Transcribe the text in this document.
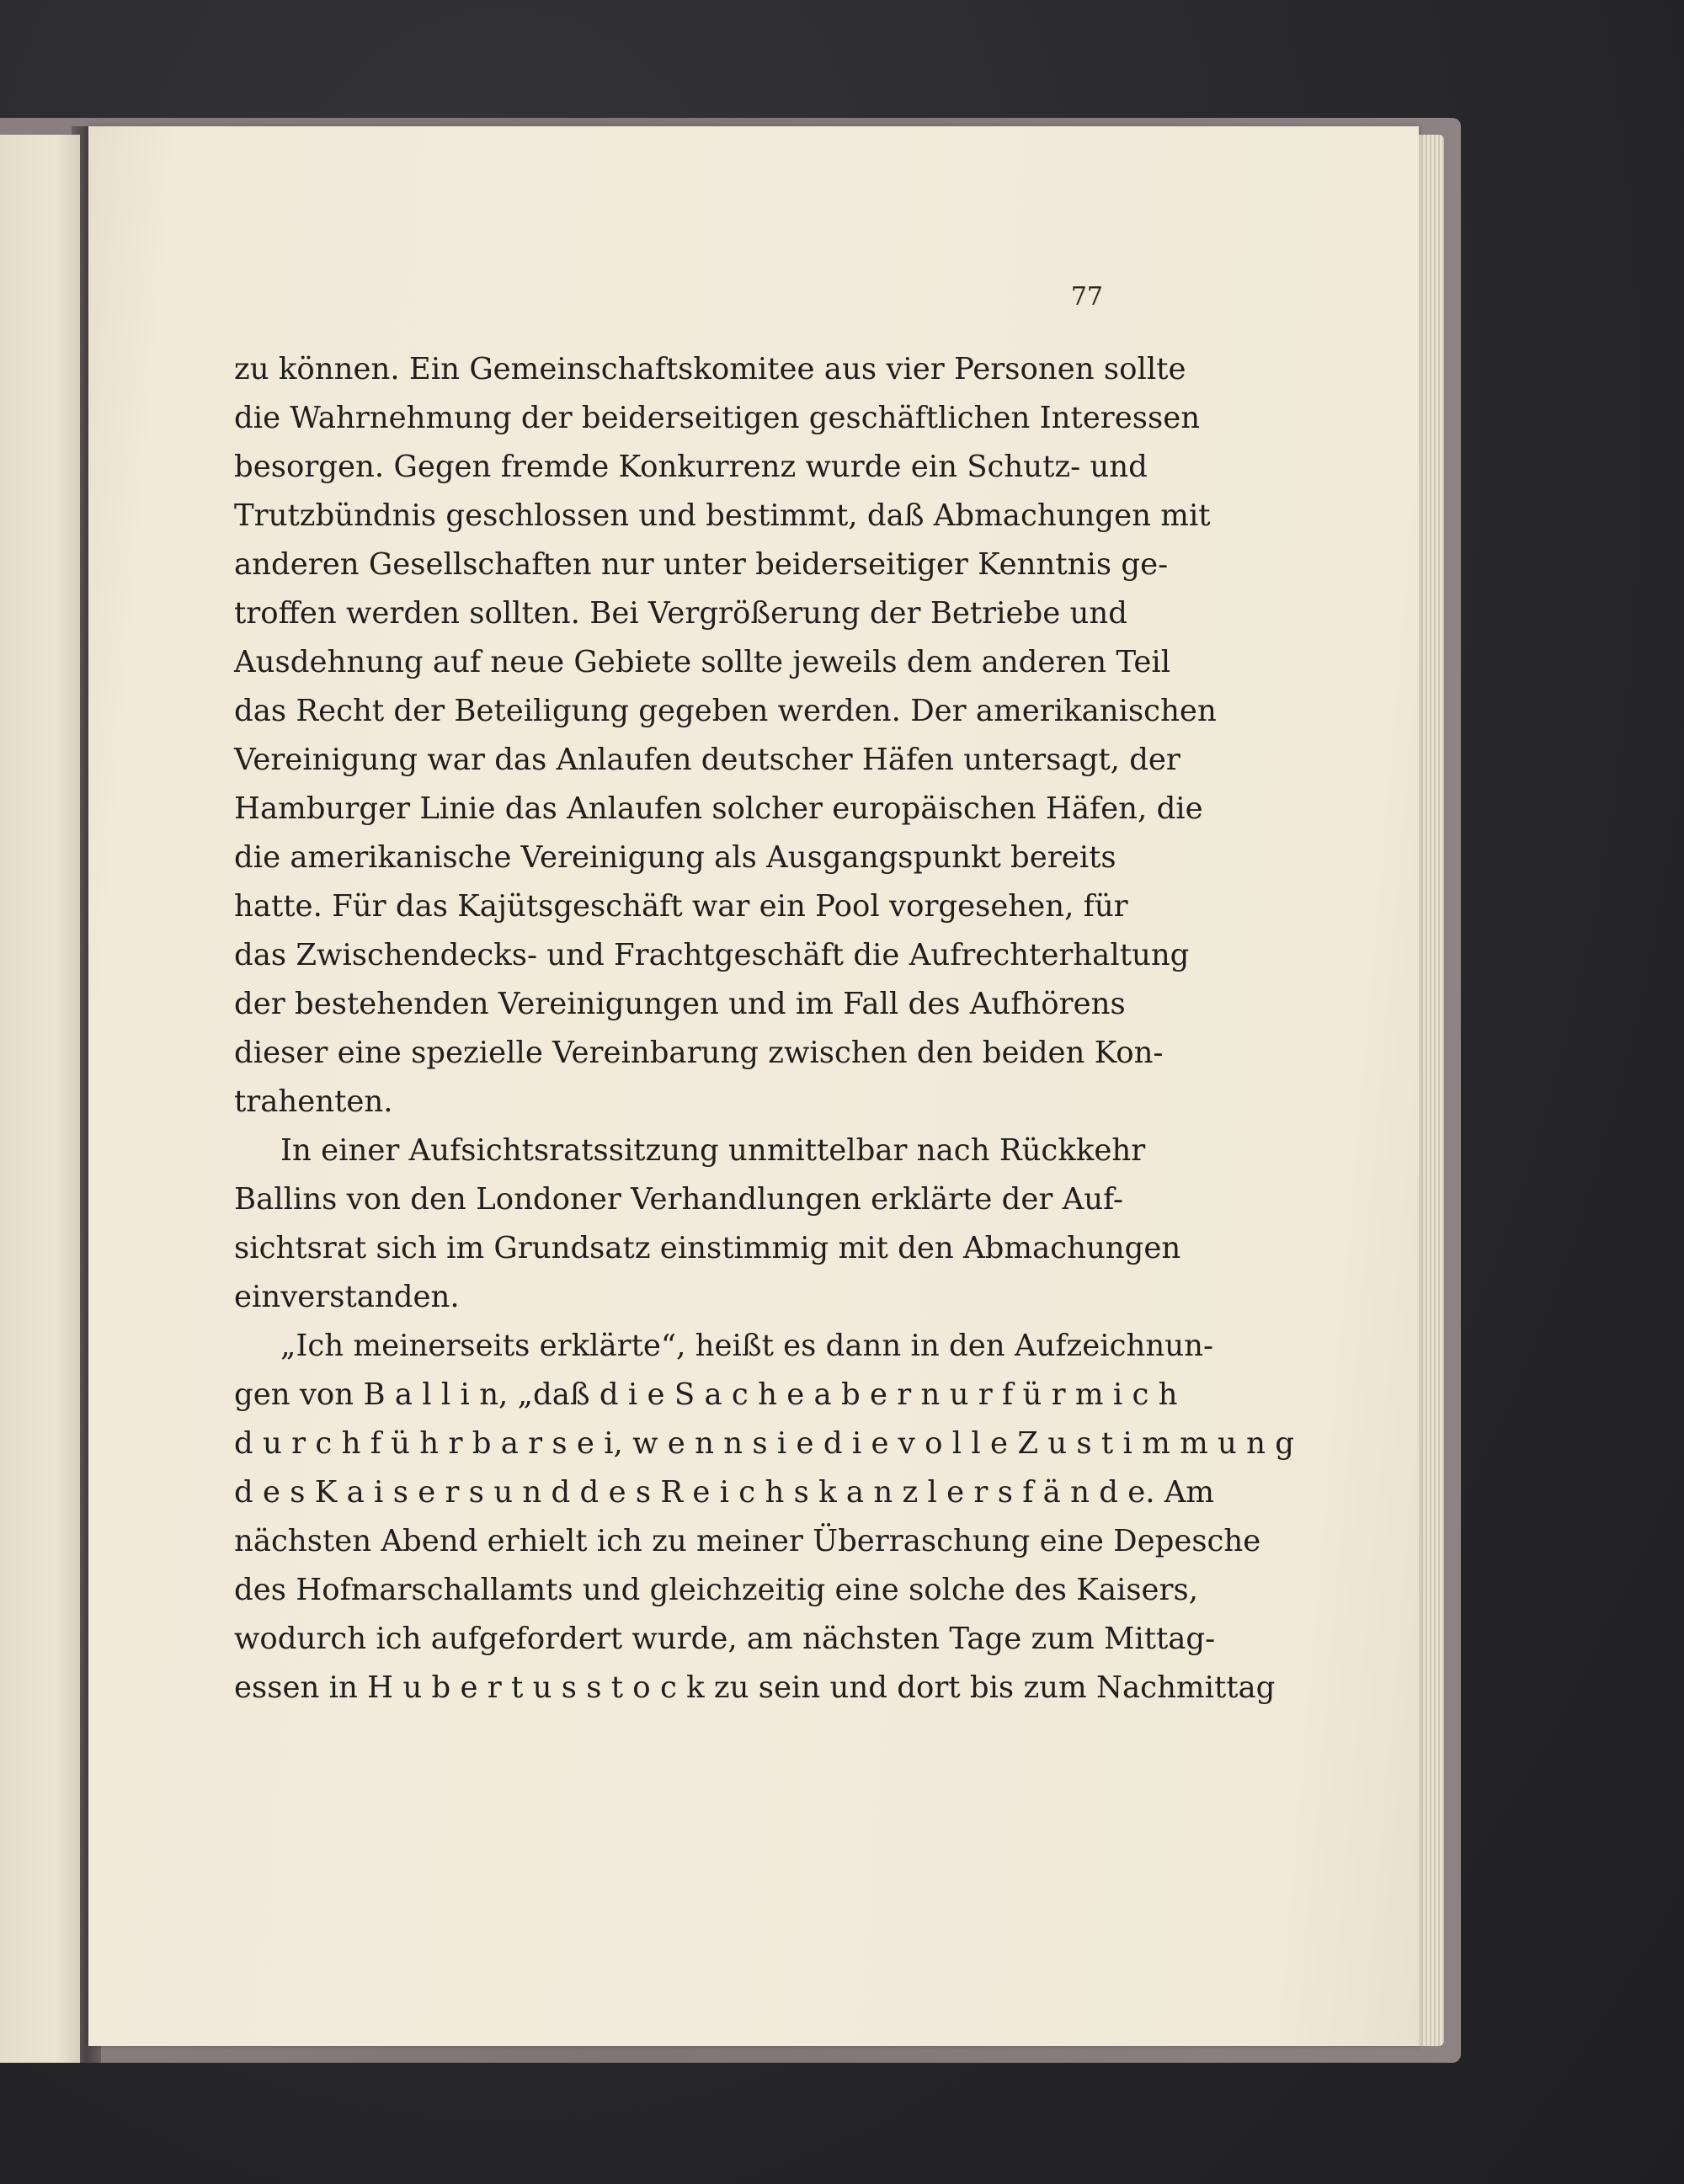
77
zu können. Ein Gemeinschaftskomitee aus vier Personen sollte
die Wahrnehmung der beiderseitigen geschäftlichen Interessen
besorgen. Gegen fremde Konkurrenz wurde ein Schutz- und
Trutzbündnis geschlossen und bestimmt, daß Abmachungen mit
anderen Gesellschaften nur unter beiderseitiger Kenntnis ge-
troffen werden sollten. Bei Vergrößerung der Betriebe und
Ausdehnung auf neue Gebiete sollte jeweils dem anderen Teil
das Recht der Beteiligung gegeben werden. Der amerikanischen
Vereinigung war das Anlaufen deutscher Häfen untersagt, der
Hamburger Linie das Anlaufen solcher europäischen Häfen, die
die amerikanische Vereinigung als Ausgangspunkt bereits
hatte. Für das Kajütsgeschäft war ein Pool vorgesehen, für
das Zwischendecks- und Frachtgeschäft die Aufrechterhaltung
der bestehenden Vereinigungen und im Fall des Aufhörens
dieser eine spezielle Vereinbarung zwischen den beiden Kon-
trahenten.
In einer Aufsichtsratssitzung unmittelbar nach Rückkehr
Ballins von den Londoner Verhandlungen erklärte der Auf-
sichtsrat sich im Grundsatz einstimmig mit den Abmachungen
einverstanden.
„Ich meinerseits erklärte“, heißt es dann in den Aufzeichnun-
gen von B a l l i n, „daß d i e S a c h e a b e r n u r f ü r m i c h
d u r c h f ü h r b a r s e i, w e n n s i e d i e v o l l e Z u s t i m m u n g
d e s K a i s e r s u n d d e s R e i c h s k a n z l e r s f ä n d e. Am
nächsten Abend erhielt ich zu meiner Überraschung eine Depesche
des Hofmarschallamts und gleichzeitig eine solche des Kaisers,
wodurch ich aufgefordert wurde, am nächsten Tage zum Mittag-
essen in H u b e r t u s s t o c k zu sein und dort bis zum Nachmittag
